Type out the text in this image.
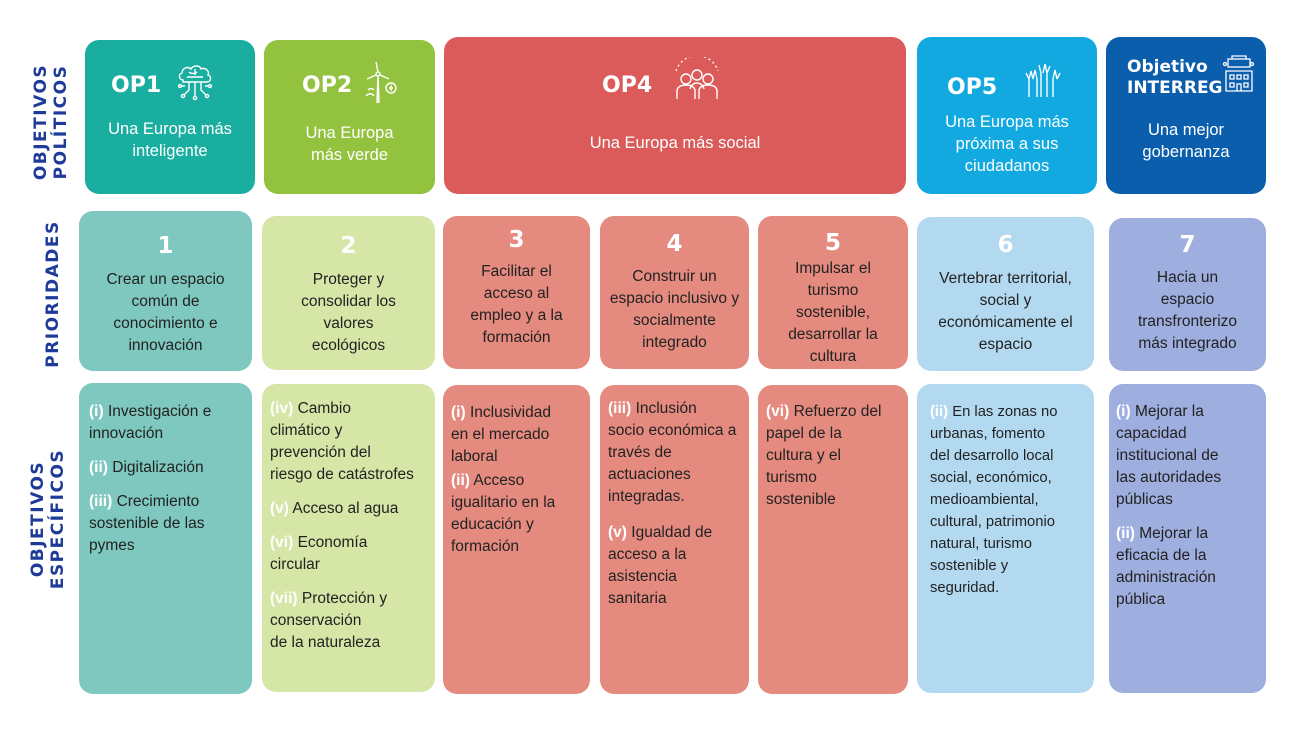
OBJETIVOS POLÍTICOS
PRIORIDADES
OBJETIVOS ESPECÍFICOS
OP1
Una Europa más
inteligente
OP2
Una Europa
más verde
OP4
Una Europa más social
OP5
Una Europa más
próxima a sus
ciudadanos
Objetivo
INTERREG
Una mejor
gobernanza
1
Crear un espacio
común de
conocimiento e
innovación
2
Proteger y
consolidar los
valores
ecológicos
3
Facilitar el
acceso al
empleo y a la
formación
4
Construir un
espacio inclusivo y
socialmente
integrado
5
Impulsar el
turismo
sostenible,
desarrollar la
cultura
6
Vertebrar territorial,
social y
económicamente el
espacio
7
Hacia un
espacio
transfronterizo
más integrado

(i) Investigación e
innovación

(ii) Digitalización

(iii) Crecimiento
sostenible de las
pymes

(iv) Cambio
climático y
prevención del
riesgo de catástrofes

(v) Acceso al agua

(vi) Economía
circular

(vii) Protección y
conservación
de la naturaleza

(i) Inclusividad
en el mercado
laboral

(ii) Acceso
igualitario en la
educación y
formación

(iii) Inclusión
socio económica a
través de
actuaciones
integradas.

(v) Igualdad de
acceso a la
asistencia
sanitaria

(vi) Refuerzo del
papel de la
cultura y el
turismo
sostenible

(ii) En las zonas no
urbanas, fomento
del desarrollo local
social, económico,
medioambiental,
cultural, patrimonio
natural, turismo
sostenible y
seguridad.

(i) Mejorar la
capacidad
institucional de
las autoridades
públicas

(ii) Mejorar la
eficacia de la
administración
pública
